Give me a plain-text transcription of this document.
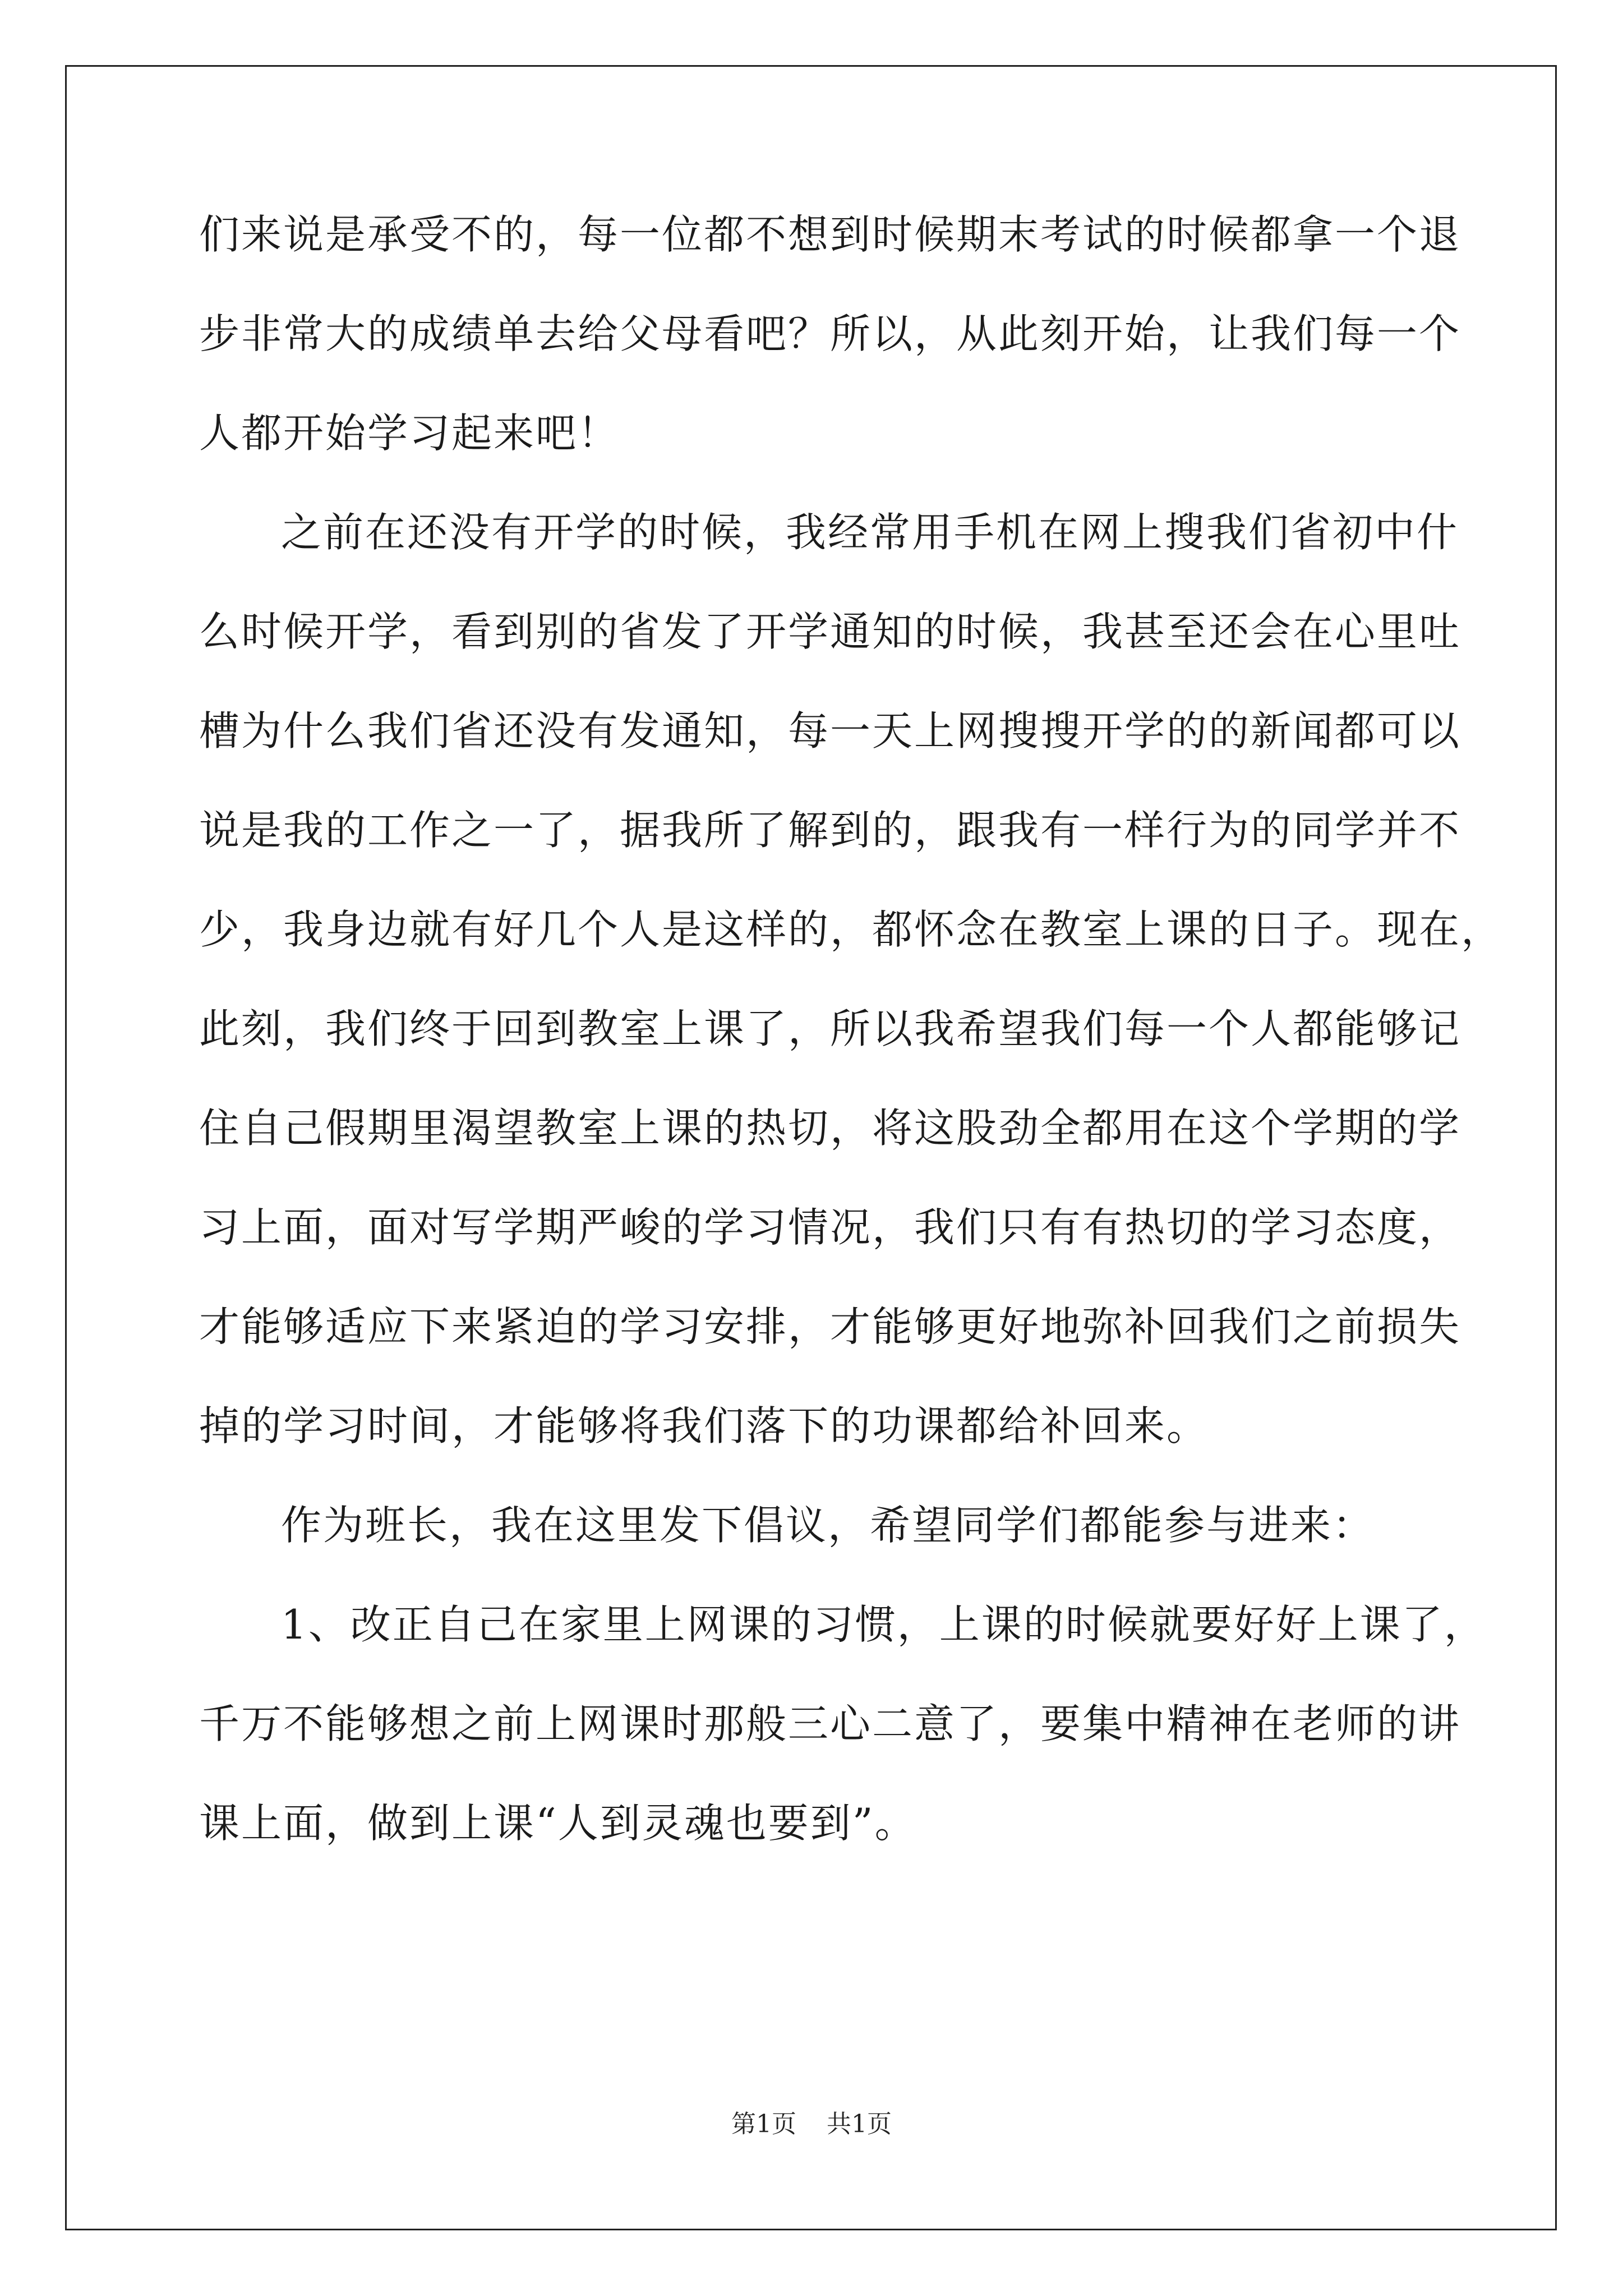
们来说是承受不的，每一位都不想到时候期末考试的时候都拿一个退
步非常大的成绩单去给父母看吧？所以，从此刻开始，让我们每一个
人都开始学习起来吧！
之前在还没有开学的时候，我经常用手机在网上搜我们省初中什
么时候开学，看到别的省发了开学通知的时候，我甚至还会在心里吐
槽为什么我们省还没有发通知，每一天上网搜搜开学的的新闻都可以
说是我的工作之一了，据我所了解到的，跟我有一样行为的同学并不
少，我身边就有好几个人是这样的，都怀念在教室上课的日子。现在，
此刻，我们终于回到教室上课了，所以我希望我们每一个人都能够记
住自己假期里渴望教室上课的热切，将这股劲全都用在这个学期的学
习上面，面对写学期严峻的学习情况，我们只有有热切的学习态度，
才能够适应下来紧迫的学习安排，才能够更好地弥补回我们之前损失
掉的学习时间，才能够将我们落下的功课都给补回来。
作为班长，我在这里发下倡议，希望同学们都能参与进来：
1、改正自己在家里上网课的习惯，上课的时候就要好好上课了，
千万不能够想之前上网课时那般三心二意了，要集中精神在老师的讲
课上面，做到上课“人到灵魂也要到”。
第1页 共1页
